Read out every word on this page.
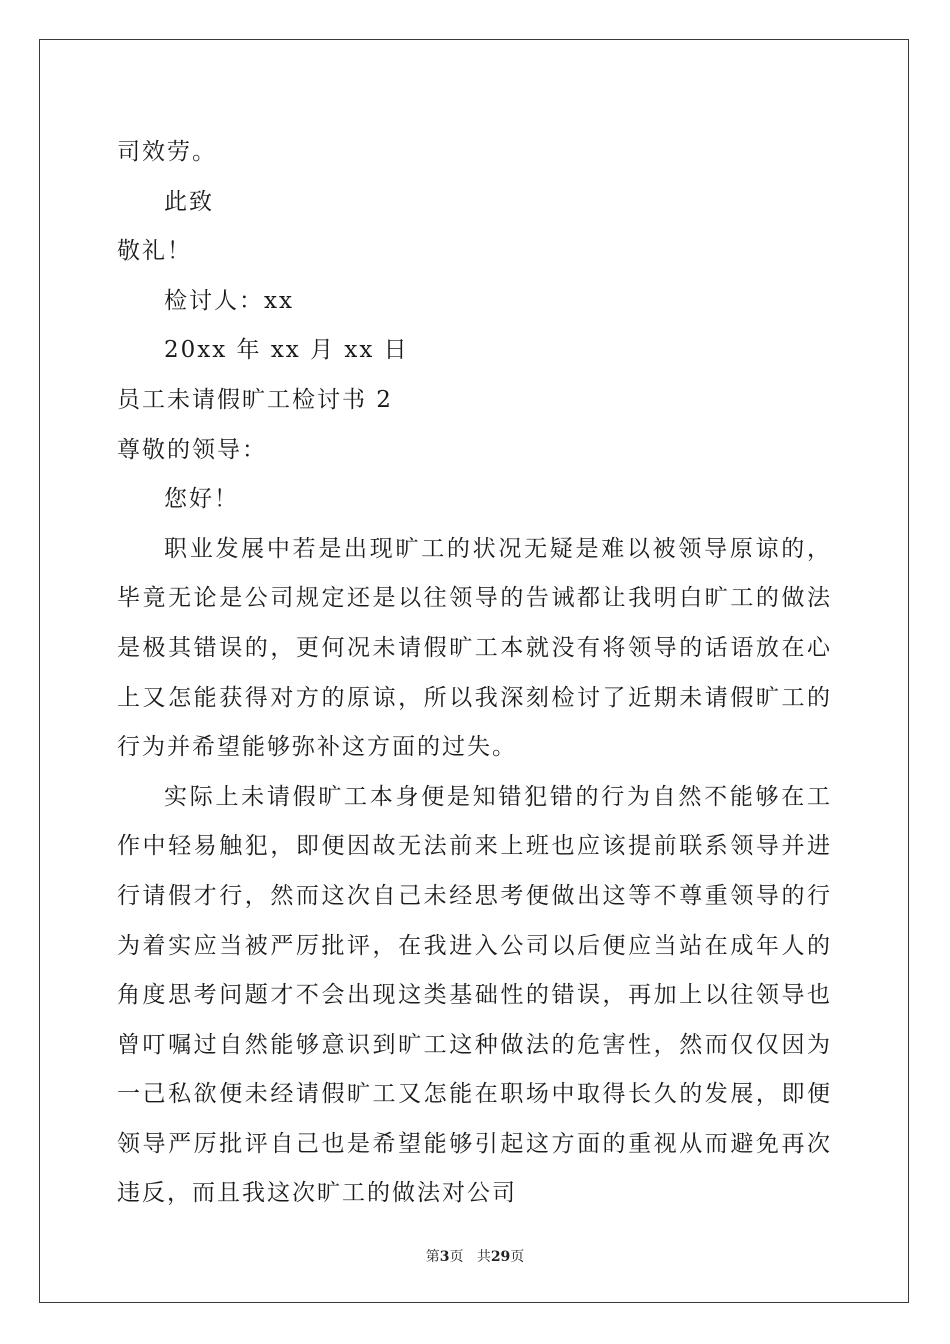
司效劳。
此致
敬礼！
检讨人：xx
20xx 年 xx 月 xx 日
员工未请假旷工检讨书 2
尊敬的领导：
您好！

职业发展中若是出现旷工的状况无疑是难以被领导原谅的，毕竟无论是公司规定还是以往领导的告诫都让我明白旷工的做法是极其错误的，更何况未请假旷工本就没有将领导的话语放在心上又怎能获得对方的原谅，所以我深刻检讨了近期未请假旷工的行为并希望能够弥补这方面的过失。

实际上未请假旷工本身便是知错犯错的行为自然不能够在工作中轻易触犯，即便因故无法前来上班也应该提前联系领导并进行请假才行，然而这次自己未经思考便做出这等不尊重领导的行为着实应当被严厉批评，在我进入公司以后便应当站在成年人的角度思考问题才不会出现这类基础性的错误，再加上以往领导也曾叮嘱过自然能够意识到旷工这种做法的危害性，然而仅仅因为一己私欲便未经请假旷工又怎能在职场中取得长久的发展，即便领导严厉批评自己也是希望能够引起这方面的重视从而避免再次违反，而且我这次旷工的做法对公司

第3页 共29页
